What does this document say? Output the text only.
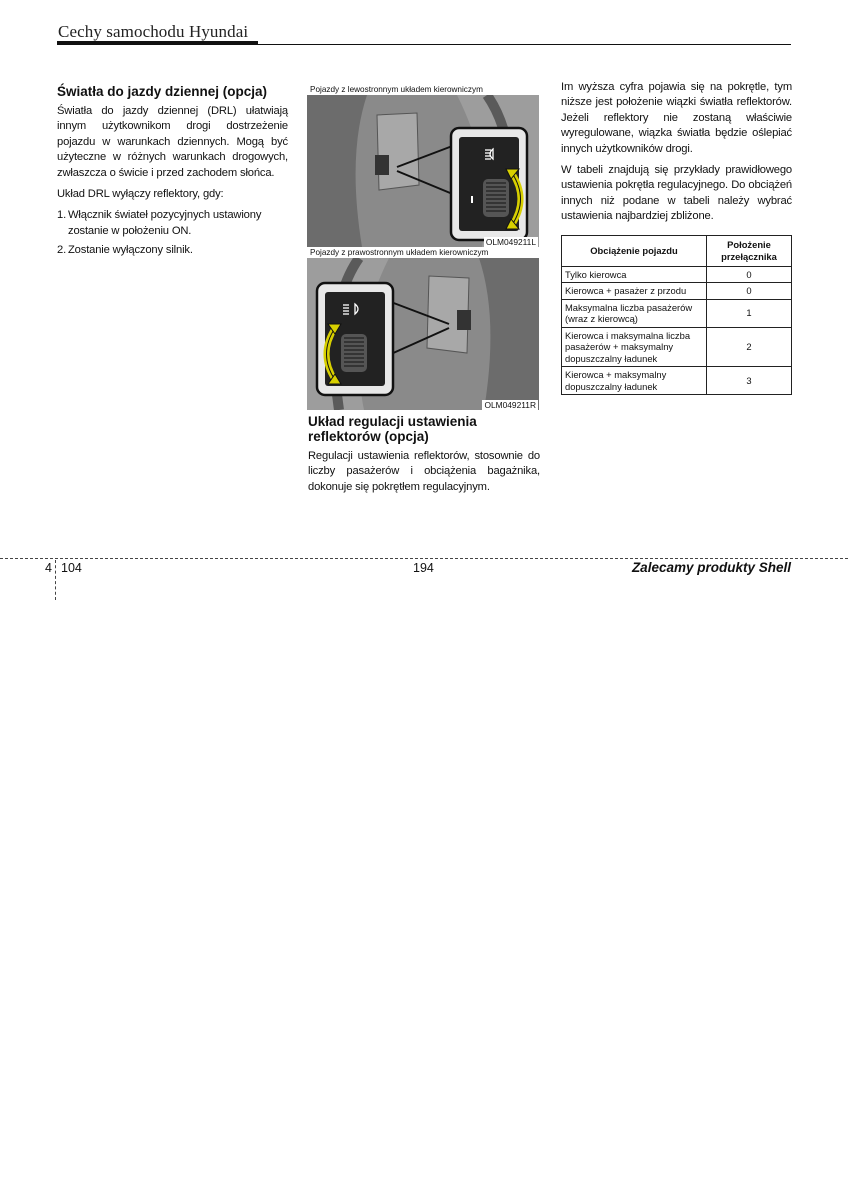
Cechy samochodu Hyundai
Światła do jazdy dziennej (opcja)

Światła do jazdy dziennej (DRL) ułatwiają innym użytkownikom drogi dostrzeżenie pojazdu w warunkach dziennych. Mogą być użyteczne w różnych warunkach drogowych, zwłaszcza o świcie i przed zachodem słońca.

Układ DRL wyłączy reflektory, gdy:

1. Włącznik świateł pozycyjnych ustawiony zostanie w położeniu ON.
2. Zostanie wyłączony silnik.
Pojazdy z lewostronnym układem kierowniczym
OLM049211L
Pojazdy z prawostronnym układem kierowniczym
OLM049211R
Układ regulacji ustawienia reflektorów (opcja)

Regulacji ustawienia reflektorów, stosownie do liczby pasażerów i obciążenia bagażnika, dokonuje się pokrętłem regulacyjnym.

Im wyższa cyfra pojawia się na pokrętle, tym niższe jest położenie wiązki światła reflektorów. Jeżeli reflektory nie zostaną właściwie wyregulowane, wiązka światła będzie oślepiać innych użytkowników drogi.

W tabeli znajdują się przykłady prawidłowego ustawienia pokrętła regulacyjnego. Do obciążeń innych niż podane w tabeli należy wybrać ustawienia najbardziej zbliżone.

Obciążenie pojazdu	Położenie przełącznika
Tylko kierowca	0
Kierowca + pasażer z przodu	0
Maksymalna liczba pasażerów (wraz z kierowcą)	1
Kierowca i maksymalna liczba pasażerów + maksymalny dopuszczalny ładunek	2
Kierowca + maksymalny dopuszczalny ładunek	3
4 104	194	Zalecamy produkty Shell
